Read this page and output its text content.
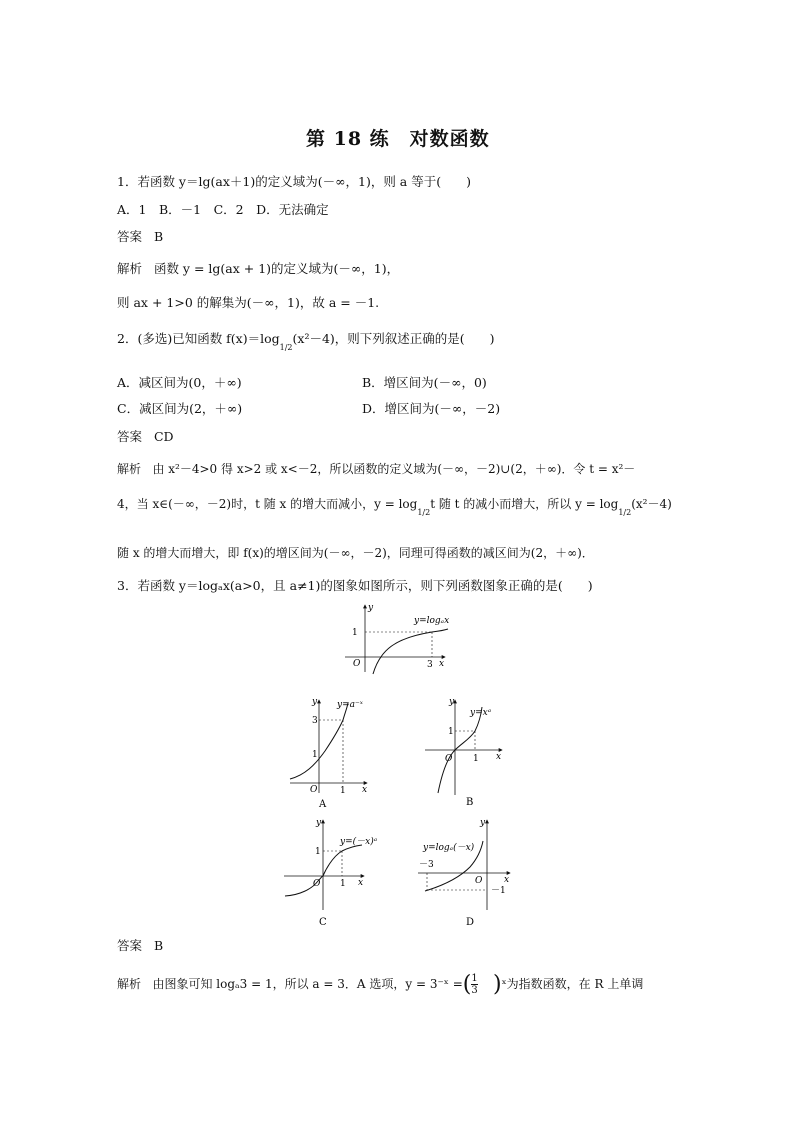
第 18 练　对数函数
1．若函数 y＝lg(ax＋1)的定义域为(－∞，1)，则 a 等于(　　)
A．1　B．－1　C．2　D．无法确定
答案 B
解析 函数 y = lg(ax + 1)的定义域为(－∞，1)，
则 ax + 1>0 的解集为(－∞，1)，故 a = －1.
2．(多选)已知函数 $f(x)=\log_{1/2}(x^2-4)$，则下列叙述正确的是(　　)
A．减区间为(0，＋∞)	B．增区间为(－∞，0)
C．减区间为(2，＋∞)	D．增区间为(－∞，－2)
答案 CD
解析 由 x²－4>0 得 x>2 或 x<－2，所以函数的定义域为(－∞，－2)∪(2，＋∞)．令 t = x²－
4，当 x∈(－∞，－2)时，t 随 x 的增大而减小，$y = \log_{1/2}t$ 随 t 的减小而增大，所以 $y = \log_{1/2}(x^2-4)$
随 x 的增大而增大，即 f(x)的增区间为(－∞，－2)，同理可得函数的减区间为(2，＋∞)．
3．若函数 y＝logₐx(a>0，且 a≠1)的图象如图所示，则下列函数图象正确的是(　　)
y=logₐx
1
3
O	x
y
y=a⁻ˣ
3
1
1
O	x
y
A
y=xᵃ
1
1
O	x
y
B
y=(－x)ᵃ
1
1
O	x
y
C
y=logₐ(－x)
－3
－1
O x
y
D
答案 B
解析 由图象可知 logₐ3 = 1，所以 a = 3．A 选项，y = 3⁻ˣ =( $\frac{1}{3}$ )ˣ为指数函数，在 R 上单调
